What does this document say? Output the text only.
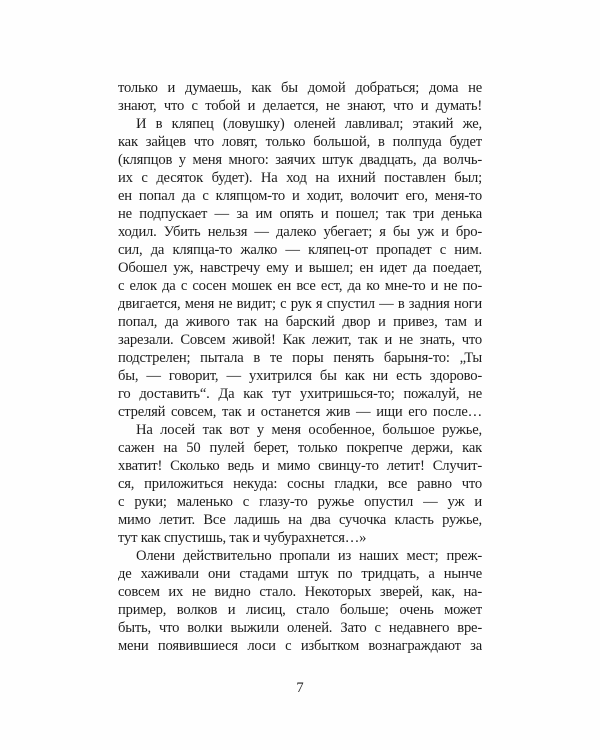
только и думаешь, как бы домой добраться; дома не
знают, что с тобой и делается, не знают, что и думать!
И в кляпец (ловушку) оленей лавливал; этакий же,
как зайцев что ловят, только большой, в полпуда будет
(кляпцов у меня много: заячих штук двадцать, да волчь-
их с десяток будет). На ход на ихний поставлен был;
ен попал да с кляпцом-то и ходит, волочит его, меня-то
не подпускает — за им опять и пошел; так три денька
ходил. Убить нельзя — далеко убегает; я бы уж и бро-
сил, да кляпца-то жалко — кляпец-от пропадет с ним.
Обошел уж, навстречу ему и вышел; ен идет да поедает,
с елок да с сосен мошек ен все ест, да ко мне-то и не по-
двигается, меня не видит; с рук я спустил — в задния ноги
попал, да живого так на барский двор и привез, там и
зарезали. Совсем живой! Как лежит, так и не знать, что
подстрелен; пытала в те поры пенять барыня-то: „Ты
бы, — говорит, — ухитрился бы как ни есть здорово-
го доставить“. Да как тут ухитришься-то; пожалуй, не
стреляй совсем, так и останется жив — ищи его после…
На лосей так вот у меня особенное, большое ружье,
сажен на 50 пулей берет, только покрепче держи, как
хватит! Сколько ведь и мимо свинцу-то летит! Случит-
ся, приложиться некуда: сосны гладки, все равно что
с руки; маленько с глазу-то ружье опустил — уж и
мимо летит. Все ладишь на два сучочка класть ружье,
тут как спустишь, так и чубурахнется…»
Олени действительно пропали из наших мест; преж-
де хаживали они стадами штук по тридцать, а нынче
совсем их не видно стало. Некоторых зверей, как, на-
пример, волков и лисиц, стало больше; очень может
быть, что волки выжили оленей. Зато с недавнего вре-
мени появившиеся лоси с избытком вознаграждают за
7
